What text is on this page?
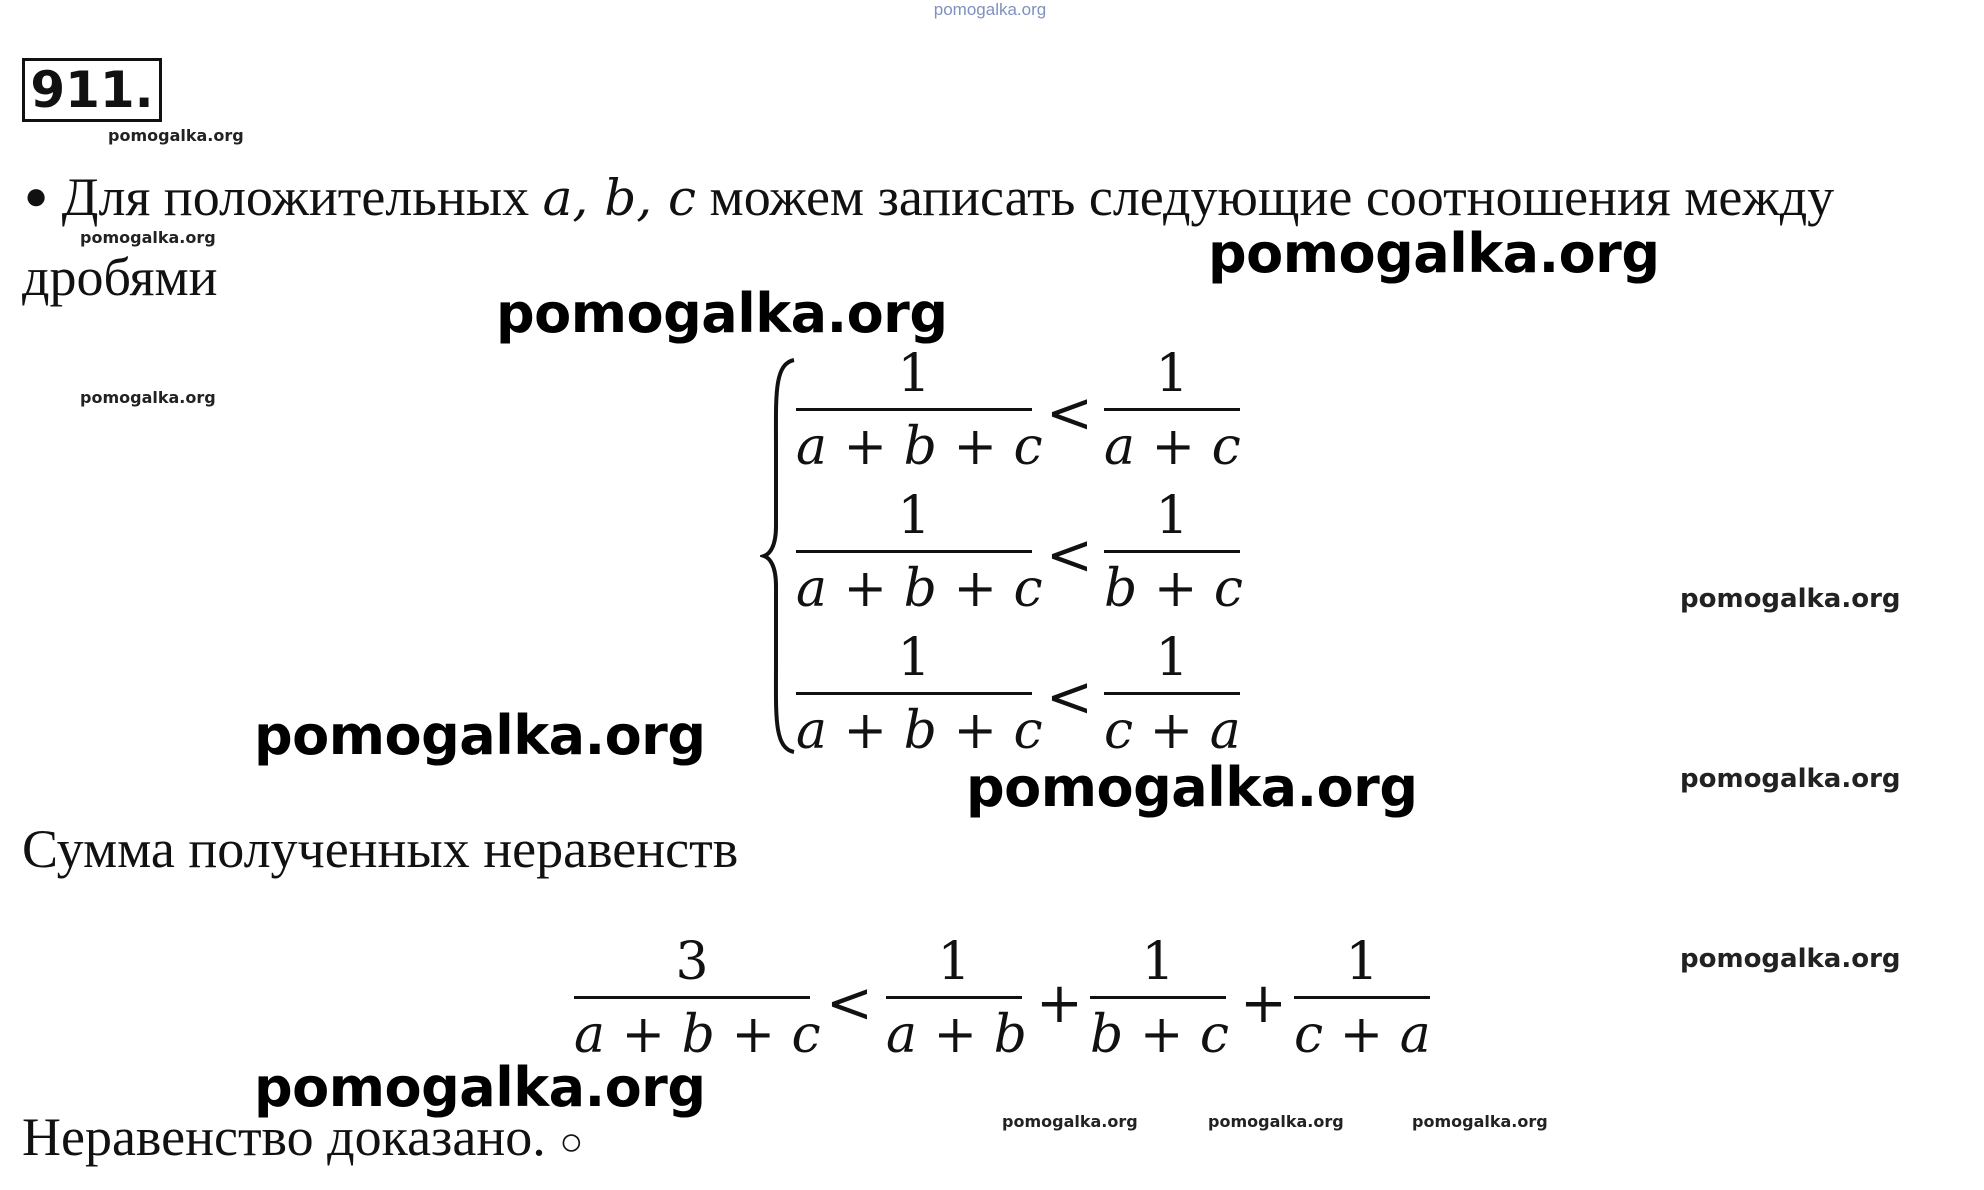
pomogalka.org
911.
pomogalka.org
● Для положительных a, b, c можем записать следующие соотношения между
pomogalka.org	pomogalka.org
дробями
pomogalka.org
pomogalka.org	1
a + b + c
<
1
a + c
1
a + b + c
<
1
b + c
1
a + b + c
<
1
c + a
pomogalka.org
pomogalka.org
pomogalka.org	pomogalka.org
Сумма полученных неравенств
3
a + b + c <
1
a + b +
1
b + c +
1
c + a
pomogalka.org
pomogalka.org
Неравенство доказано. ○	pomogalka.org	pomogalka.org	pomogalka.org
